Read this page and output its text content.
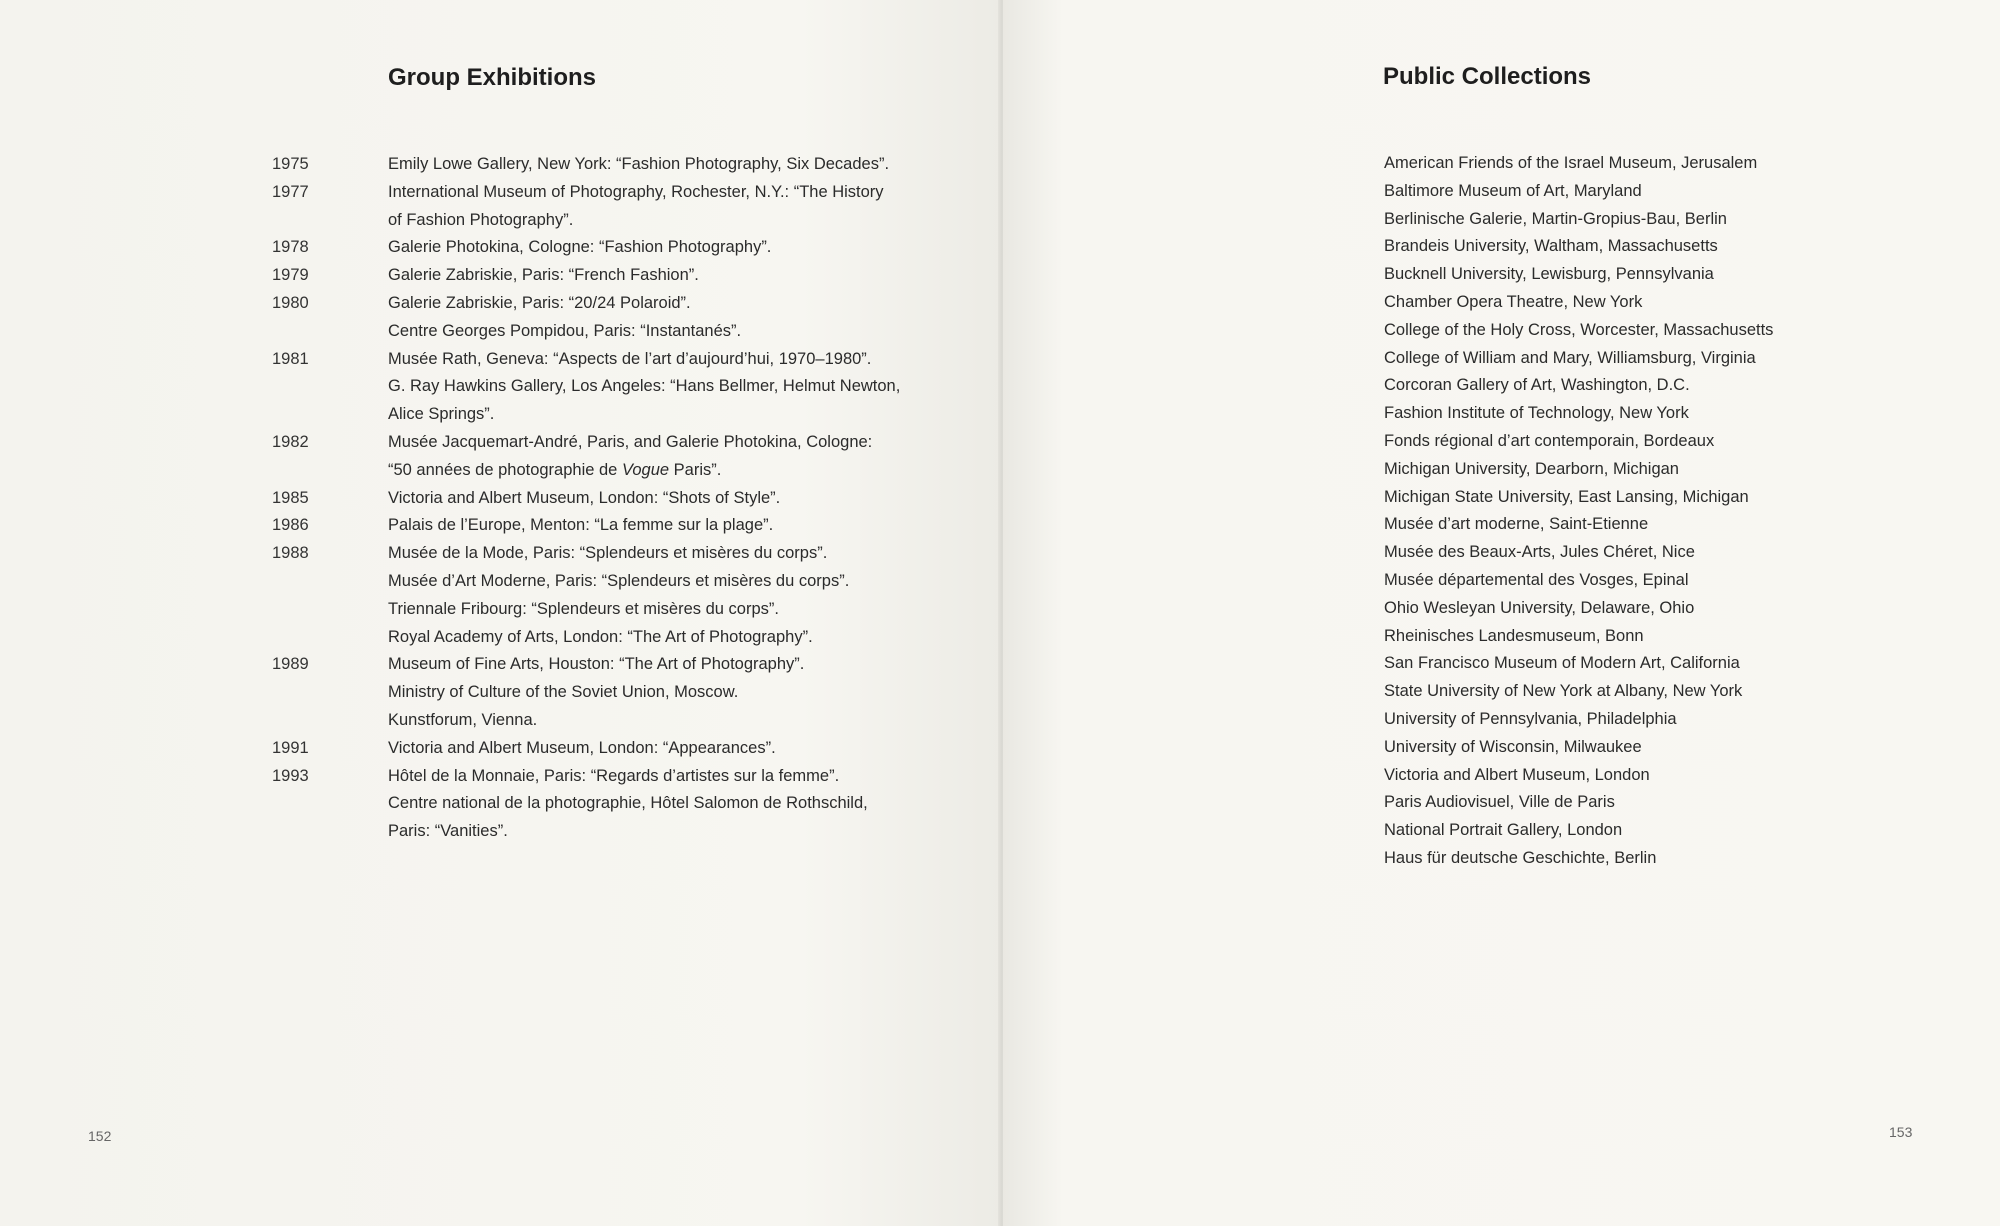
Group Exhibitions
1975	Emily Lowe Gallery, New York: “Fashion Photography, Six Decades”.
1977	International Museum of Photography, Rochester, N.Y.: “The History
of Fashion Photography”.
1978	Galerie Photokina, Cologne: “Fashion Photography”.
1979	Galerie Zabriskie, Paris: “French Fashion”.
1980	Galerie Zabriskie, Paris: “20/24 Polaroid”.
Centre Georges Pompidou, Paris: “Instantanés”.
1981	Musée Rath, Geneva: “Aspects de l’art d’aujourd’hui, 1970–1980”.
G. Ray Hawkins Gallery, Los Angeles: “Hans Bellmer, Helmut Newton,
Alice Springs”.
1982	Musée Jacquemart-André, Paris, and Galerie Photokina, Cologne:
“50 années de photographie de Vogue Paris”.
1985	Victoria and Albert Museum, London: “Shots of Style”.
1986	Palais de l’Europe, Menton: “La femme sur la plage”.
1988	Musée de la Mode, Paris: “Splendeurs et misères du corps”.
Musée d’Art Moderne, Paris: “Splendeurs et misères du corps”.
Triennale Fribourg: “Splendeurs et misères du corps”.
Royal Academy of Arts, London: “The Art of Photography”.
1989	Museum of Fine Arts, Houston: “The Art of Photography”.
Ministry of Culture of the Soviet Union, Moscow.
Kunstforum, Vienna.
1991	Victoria and Albert Museum, London: “Appearances”.
1993	Hôtel de la Monnaie, Paris: “Regards d’artistes sur la femme”.
Centre national de la photographie, Hôtel Salomon de Rothschild,
Paris: “Vanities”.
152
Public Collections
American Friends of the Israel Museum, Jerusalem
Baltimore Museum of Art, Maryland
Berlinische Galerie, Martin-Gropius-Bau, Berlin
Brandeis University, Waltham, Massachusetts
Bucknell University, Lewisburg, Pennsylvania
Chamber Opera Theatre, New York
College of the Holy Cross, Worcester, Massachusetts
College of William and Mary, Williamsburg, Virginia
Corcoran Gallery of Art, Washington, D.C.
Fashion Institute of Technology, New York
Fonds régional d’art contemporain, Bordeaux
Michigan University, Dearborn, Michigan
Michigan State University, East Lansing, Michigan
Musée d’art moderne, Saint-Etienne
Musée des Beaux-Arts, Jules Chéret, Nice
Musée départemental des Vosges, Epinal
Ohio Wesleyan University, Delaware, Ohio
Rheinisches Landesmuseum, Bonn
San Francisco Museum of Modern Art, California
State University of New York at Albany, New York
University of Pennsylvania, Philadelphia
University of Wisconsin, Milwaukee
Victoria and Albert Museum, London
Paris Audiovisuel, Ville de Paris
National Portrait Gallery, London
Haus für deutsche Geschichte, Berlin
153
